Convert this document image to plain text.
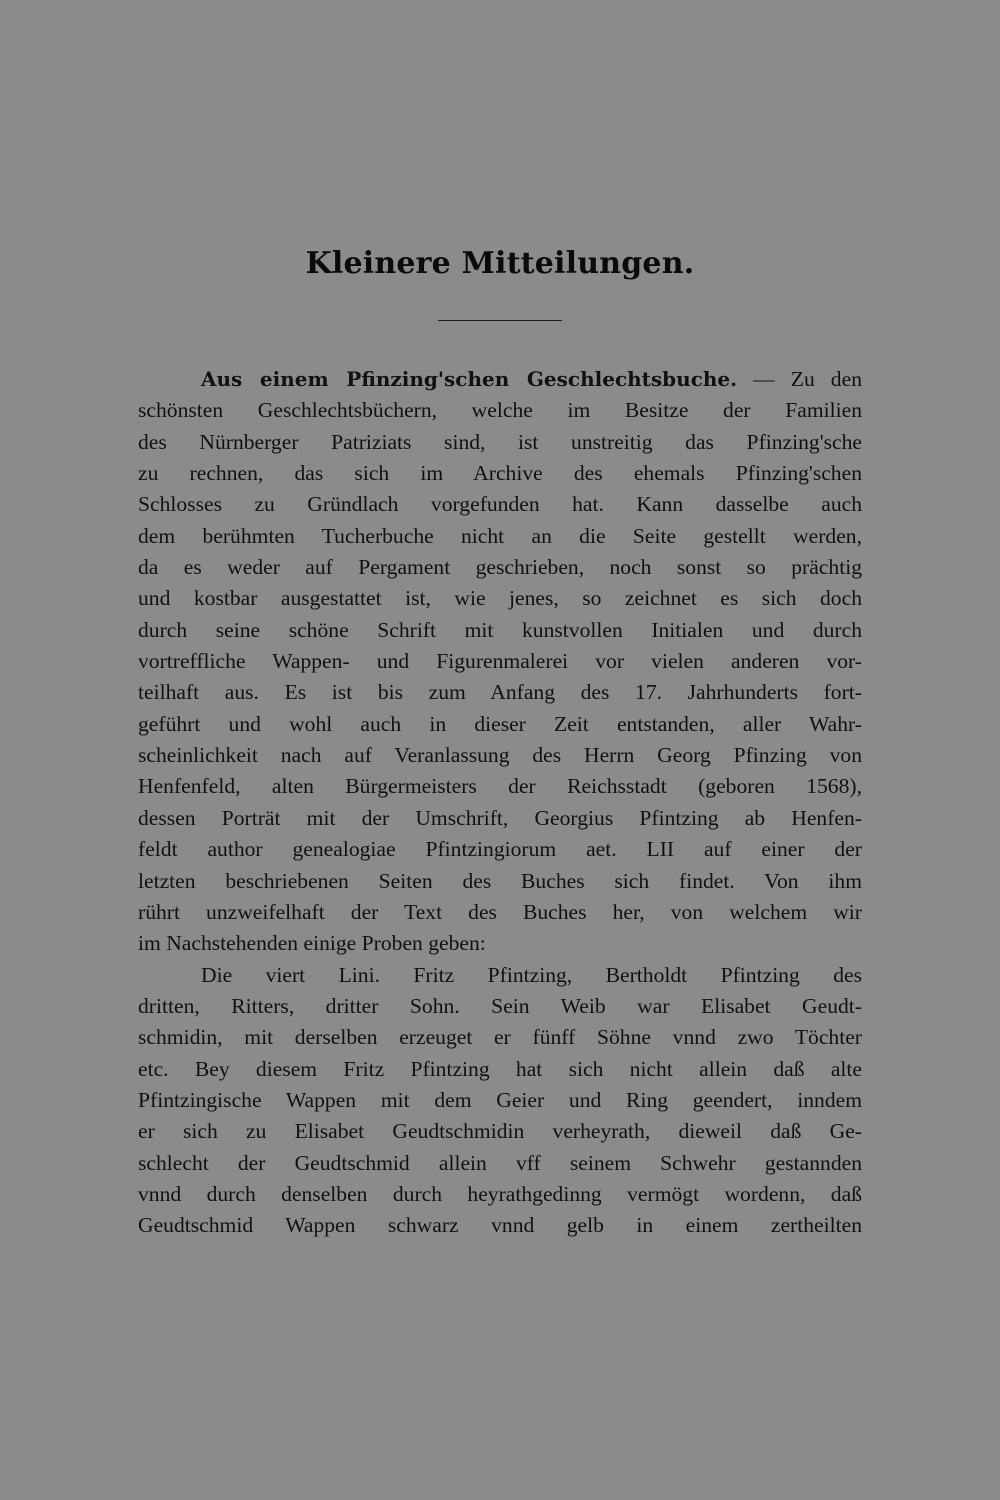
Kleinere Mitteilungen.
Aus einem Pfinzing'schen Geschlechtsbuche. — Zu den
schönsten Geschlechtsbüchern, welche im Besitze der Familien
des Nürnberger Patriziats sind, ist unstreitig das Pfinzing'sche
zu rechnen, das sich im Archive des ehemals Pfinzing'schen
Schlosses zu Gründlach vorgefunden hat. Kann dasselbe auch
dem berühmten Tucherbuche nicht an die Seite gestellt werden,
da es weder auf Pergament geschrieben, noch sonst so prächtig
und kostbar ausgestattet ist, wie jenes, so zeichnet es sich doch
durch seine schöne Schrift mit kunstvollen Initialen und durch
vortreffliche Wappen- und Figurenmalerei vor vielen anderen vor-
teilhaft aus. Es ist bis zum Anfang des 17. Jahrhunderts fort-
geführt und wohl auch in dieser Zeit entstanden, aller Wahr-
scheinlichkeit nach auf Veranlassung des Herrn Georg Pfinzing von
Henfenfeld, alten Bürgermeisters der Reichsstadt (geboren 1568),
dessen Porträt mit der Umschrift, Georgius Pfintzing ab Henfen-
feldt author genealogiae Pfintzingiorum aet. LII auf einer der
letzten beschriebenen Seiten des Buches sich findet. Von ihm
rührt unzweifelhaft der Text des Buches her, von welchem wir
im Nachstehenden einige Proben geben:
Die viert Lini. Fritz Pfintzing, Bertholdt Pfintzing des
dritten, Ritters, dritter Sohn. Sein Weib war Elisabet Geudt-
schmidin, mit derselben erzeuget er fünff Söhne vnnd zwo Töchter
etc. Bey diesem Fritz Pfintzing hat sich nicht allein daß alte
Pfintzingische Wappen mit dem Geier und Ring geendert, inndem
er sich zu Elisabet Geudtschmidin verheyrath, dieweil daß Ge-
schlecht der Geudtschmid allein vff seinem Schwehr gestannden
vnnd durch denselben durch heyrathgedinng vermögt wordenn, daß
Geudtschmid Wappen schwarz vnnd gelb in einem zertheilten
